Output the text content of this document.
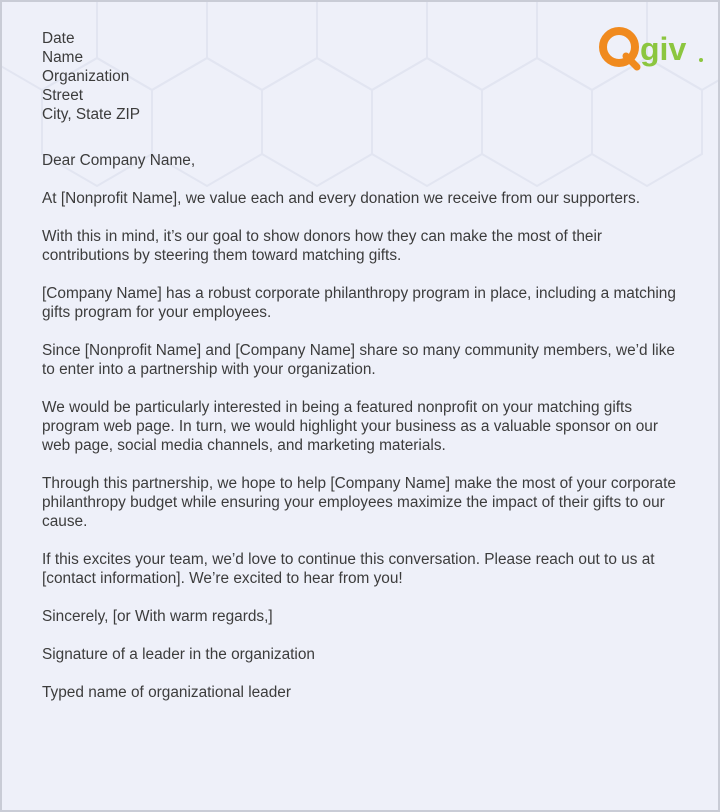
giv
Date
Name
Organization
Street
City, State ZIP

Dear Company Name,

At [Nonprofit Name], we value each and every donation we receive from our supporters.

With this in mind, it’s our goal to show donors how they can make the most of their contributions by steering them toward matching gifts.

[Company Name] has a robust corporate philanthropy program in place, including a matching gifts program for your employees.

Since [Nonprofit Name] and [Company Name] share so many community members, we’d like to enter into a partnership with your organization.

We would be particularly interested in being a featured nonprofit on your matching gifts program web page. In turn, we would highlight your business as a valuable sponsor on our web page, social media channels, and marketing materials.

Through this partnership, we hope to help [Company Name] make the most of your corporate philanthropy budget while ensuring your employees maximize the impact of their gifts to our cause.

If this excites your team, we’d love to continue this conversation. Please reach out to us at [contact information]. We’re excited to hear from you!

Sincerely, [or With warm regards,]

Signature of a leader in the organization

Typed name of organizational leader
